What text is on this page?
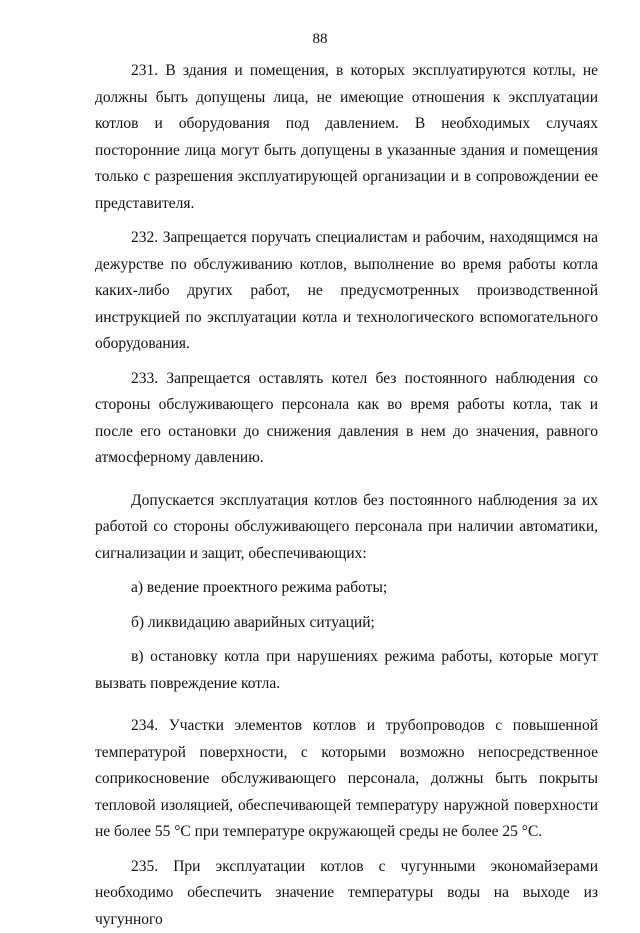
88

231. В здания и помещения, в которых эксплуатируются котлы, не должны быть допущены лица, не имеющие отношения к эксплуатации котлов и оборудования под давлением. В необходимых случаях посторонние лица могут быть допущены в указанные здания и помещения только с разрешения эксплуатирующей организации и в сопровождении ее представителя.

232. Запрещается поручать специалистам и рабочим, находящимся на дежурстве по обслуживанию котлов, выполнение во время работы котла каких-либо других работ, не предусмотренных производственной инструкцией по эксплуатации котла и технологического вспомогательного оборудования.

233. Запрещается оставлять котел без постоянного наблюдения со стороны обслуживающего персонала как во время работы котла, так и после его остановки до снижения давления в нем до значения, равного атмосферному давлению.

Допускается эксплуатация котлов без постоянного наблюдения за их работой со стороны обслуживающего персонала при наличии автоматики, сигнализации и защит, обеспечивающих:

а) ведение проектного режима работы;

б) ликвидацию аварийных ситуаций;

в) остановку котла при нарушениях режима работы, которые могут вызвать повреждение котла.

234. Участки элементов котлов и трубопроводов с повышенной температурой поверхности, с которыми возможно непосредственное соприкосновение обслуживающего персонала, должны быть покрыты тепловой изоляцией, обеспечивающей температуру наружной поверхности не более 55 °С при температуре окружающей среды не более 25 °С.

235. При эксплуатации котлов с чугунными экономайзерами необходимо обеспечить значение температуры воды на выходе из чугунного
